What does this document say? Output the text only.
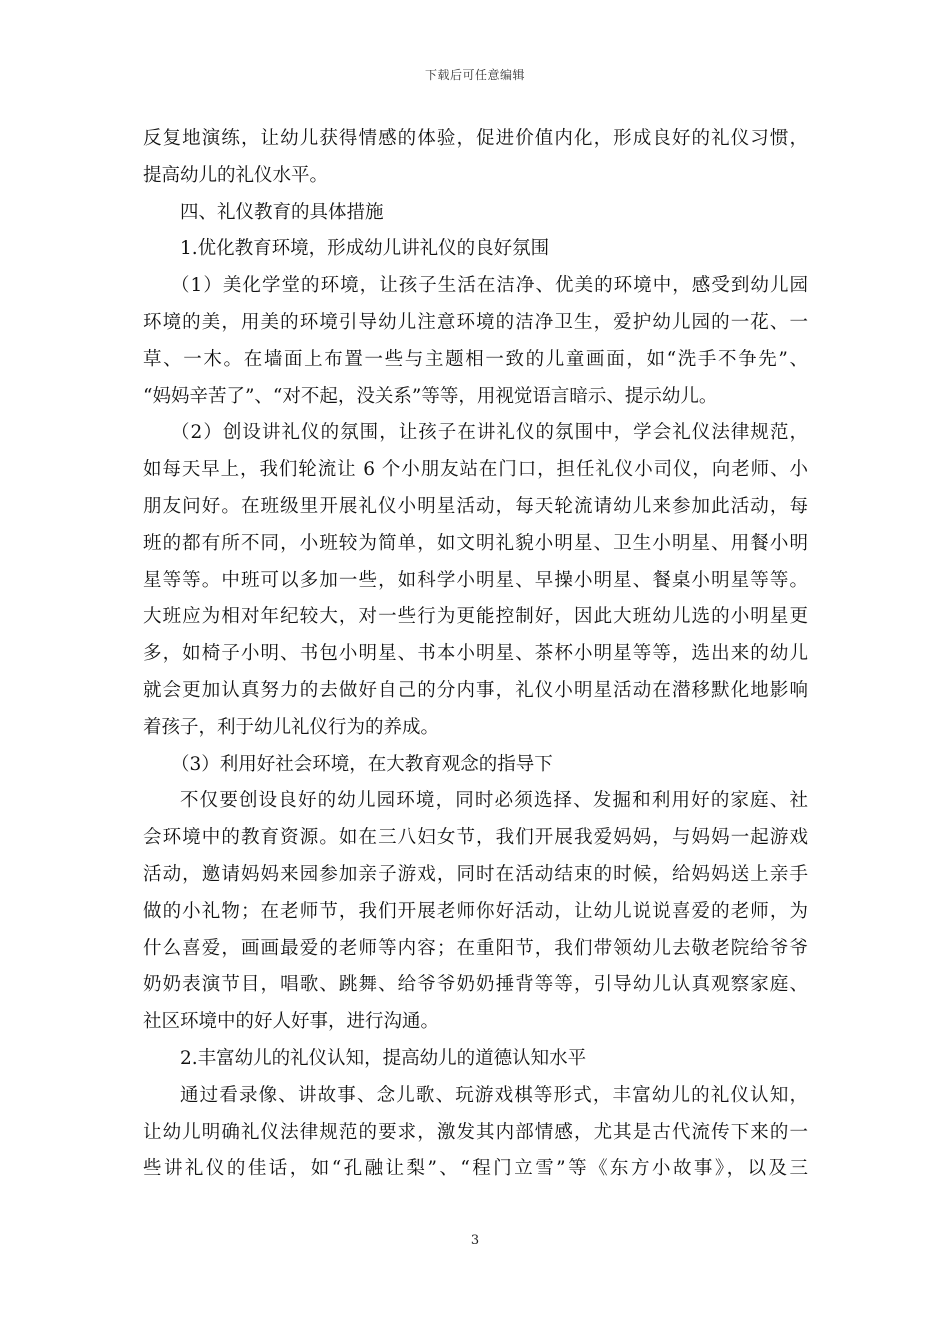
下载后可任意编辑
反复地演练，让幼儿获得情感的体验，促进价值内化，形成良好的礼仪习惯，
提高幼儿的礼仪水平。
四、礼仪教育的具体措施
1.优化教育环境，形成幼儿讲礼仪的良好氛围
（1）美化学堂的环境，让孩子生活在洁净、优美的环境中，感受到幼儿园
环境的美，用美的环境引导幼儿注意环境的洁净卫生，爱护幼儿园的一花、一
草、一木。在墙面上布置一些与主题相一致的儿童画面，如“洗手不争先”、
“妈妈辛苦了”、“对不起，没关系”等等，用视觉语言暗示、提示幼儿。
（2）创设讲礼仪的氛围，让孩子在讲礼仪的氛围中，学会礼仪法律规范，
如每天早上，我们轮流让 6 个小朋友站在门口，担任礼仪小司仪，向老师、小
朋友问好。在班级里开展礼仪小明星活动，每天轮流请幼儿来参加此活动，每
班的都有所不同，小班较为简单，如文明礼貌小明星、卫生小明星、用餐小明
星等等。中班可以多加一些，如科学小明星、早操小明星、餐桌小明星等等。
大班应为相对年纪较大，对一些行为更能控制好，因此大班幼儿选的小明星更
多，如椅子小明、书包小明星、书本小明星、茶杯小明星等等，选出来的幼儿
就会更加认真努力的去做好自己的分内事，礼仪小明星活动在潜移默化地影响
着孩子，利于幼儿礼仪行为的养成。
（3）利用好社会环境，在大教育观念的指导下
不仅要创设良好的幼儿园环境，同时必须选择、发掘和利用好的家庭、社
会环境中的教育资源。如在三八妇女节，我们开展我爱妈妈，与妈妈一起游戏
活动，邀请妈妈来园参加亲子游戏，同时在活动结束的时候，给妈妈送上亲手
做的小礼物；在老师节，我们开展老师你好活动，让幼儿说说喜爱的老师，为
什么喜爱，画画最爱的老师等内容；在重阳节，我们带领幼儿去敬老院给爷爷
奶奶表演节目，唱歌、跳舞、给爷爷奶奶捶背等等，引导幼儿认真观察家庭、
社区环境中的好人好事，进行沟通。
2.丰富幼儿的礼仪认知，提高幼儿的道德认知水平
通过看录像、讲故事、念儿歌、玩游戏棋等形式，丰富幼儿的礼仪认知，
让幼儿明确礼仪法律规范的要求，激发其内部情感，尤其是古代流传下来的一
些讲礼仪的佳话，如“孔融让梨”、“程门立雪”等《东方小故事》，以及三
3
